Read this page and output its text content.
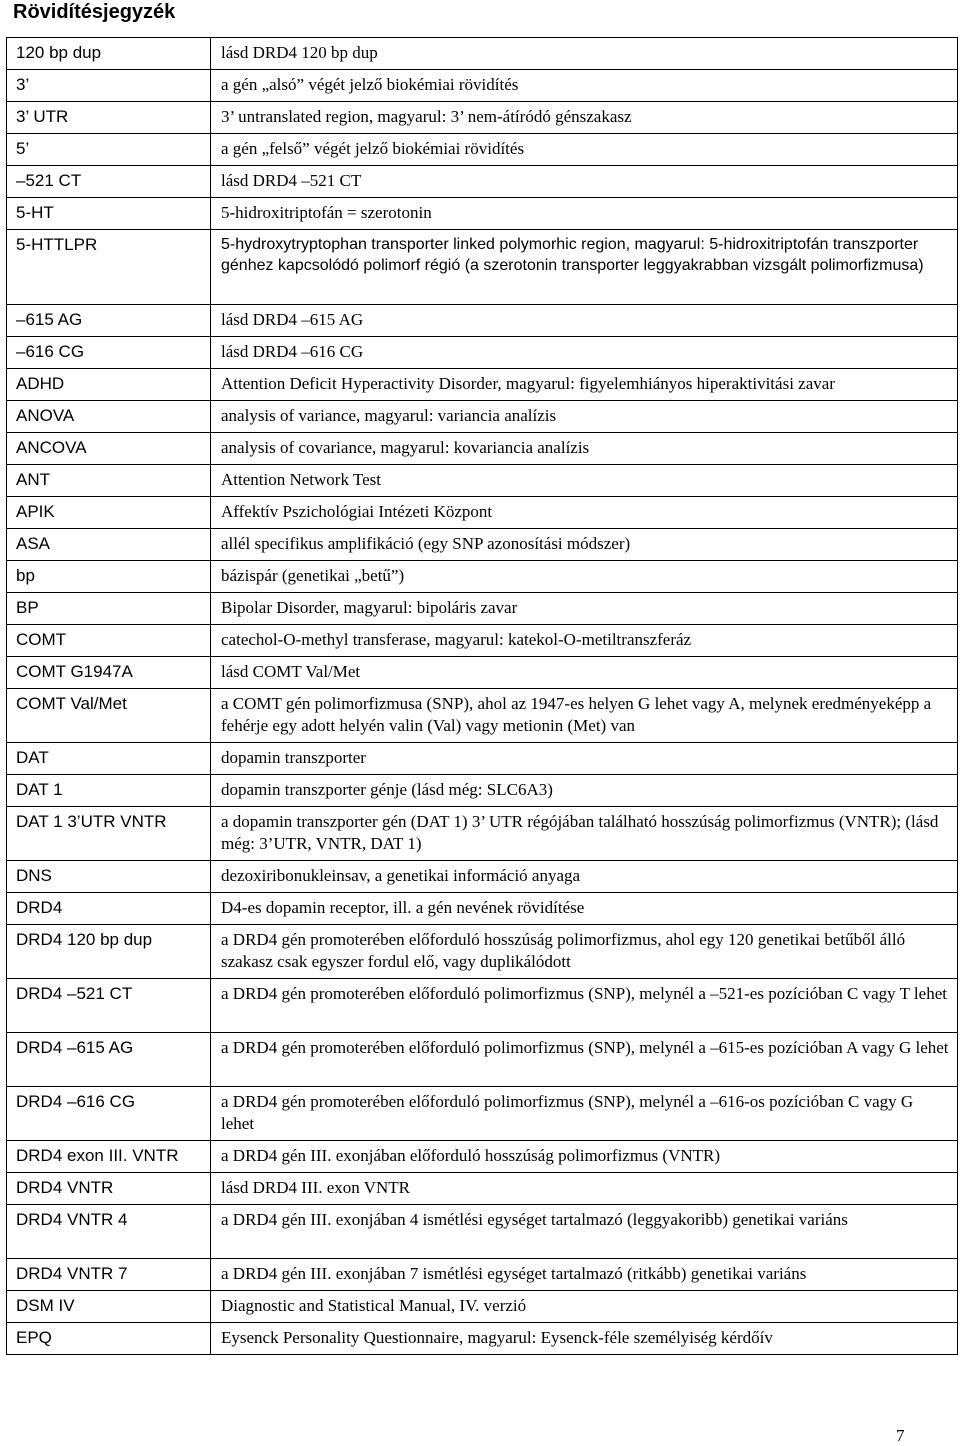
Rövidítésjegyzék
120 bp dup	lásd DRD4 120 bp dup
3’	a gén „alsó” végét jelző biokémiai rövidítés
3’ UTR	3’ untranslated region, magyarul: 3’ nem-átíródó génszakasz
5’	a gén „felső” végét jelző biokémiai rövidítés
–521 CT	lásd DRD4 –521 CT
5-HT	5-hidroxitriptofán = szerotonin
5-HTTLPR	5-hydroxytryptophan transporter linked polymorhic region, magyarul: 5-hidroxitriptofán transzporter génhez kapcsolódó polimorf régió (a szerotonin transporter leggyakrabban vizsgált polimorfizmusa)
–615 AG	lásd DRD4 –615 AG
–616 CG	lásd DRD4 –616 CG
ADHD	Attention Deficit Hyperactivity Disorder, magyarul: figyelemhiányos hiperaktivitási zavar
ANOVA	analysis of variance, magyarul: variancia analízis
ANCOVA	analysis of covariance, magyarul: kovariancia analízis
ANT	Attention Network Test
APIK	Affektív Pszichológiai Intézeti Központ
ASA	allél specifikus amplifikáció (egy SNP azonosítási módszer)
bp	bázispár (genetikai „betű”)
BP	Bipolar Disorder, magyarul: bipoláris zavar
COMT	catechol-O-methyl transferase, magyarul: katekol-O-metiltranszferáz
COMT G1947A	lásd COMT Val/Met
COMT Val/Met	a COMT gén polimorfizmusa (SNP), ahol az 1947-es helyen G lehet vagy A, melynek eredményeképp a fehérje egy adott helyén valin (Val) vagy metionin (Met) van
DAT	dopamin transzporter
DAT 1	dopamin transzporter génje (lásd még: SLC6A3)
DAT 1 3’UTR VNTR	a dopamin transzporter gén (DAT 1) 3’ UTR régójában található hosszúság polimorfizmus (VNTR); (lásd még: 3’UTR, VNTR, DAT 1)
DNS	dezoxiribonukleinsav, a genetikai információ anyaga
DRD4	D4-es dopamin receptor, ill. a gén nevének rövidítése
DRD4 120 bp dup	a DRD4 gén promoterében előforduló hosszúság polimorfizmus, ahol egy 120 genetikai betűből álló szakasz csak egyszer fordul elő, vagy duplikálódott
DRD4 –521 CT	a DRD4 gén promoterében előforduló polimorfizmus (SNP), melynél a –521-es pozícióban C vagy T lehet
DRD4 –615 AG	a DRD4 gén promoterében előforduló polimorfizmus (SNP), melynél a –615-es pozícióban A vagy G lehet
DRD4 –616 CG	a DRD4 gén promoterében előforduló polimorfizmus (SNP), melynél a –616-os pozícióban C vagy G lehet
DRD4 exon III. VNTR	a DRD4 gén III. exonjában előforduló hosszúság polimorfizmus (VNTR)
DRD4 VNTR	lásd DRD4 III. exon VNTR
DRD4 VNTR 4	a DRD4 gén III. exonjában 4 ismétlési egységet tartalmazó (leggyakoribb) genetikai variáns
DRD4 VNTR 7	a DRD4 gén III. exonjában 7 ismétlési egységet tartalmazó (ritkább) genetikai variáns
DSM IV	Diagnostic and Statistical Manual, IV. verzió
EPQ	Eysenck Personality Questionnaire, magyarul: Eysenck-féle személyiség kérdőív
7
